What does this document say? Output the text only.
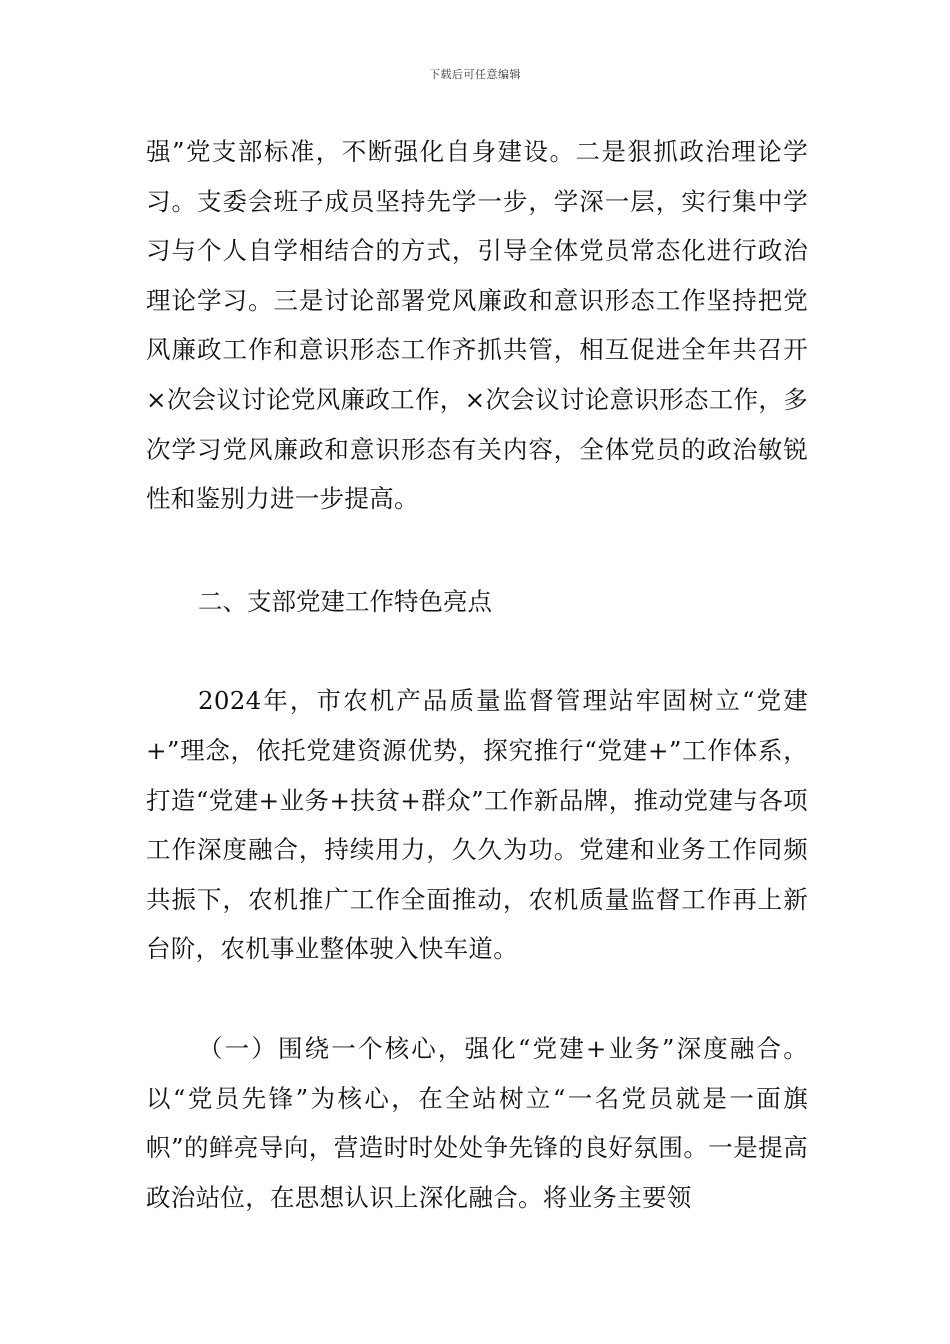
下载后可任意编辑

强”党支部标准，不断强化自身建设。二是狠抓政治理论学习。支委会班子成员坚持先学一步，学深一层，实行集中学习与个人自学相结合的方式，引导全体党员常态化进行政治理论学习。三是讨论部署党风廉政和意识形态工作坚持把党风廉政工作和意识形态工作齐抓共管，相互促进全年共召开×次会议讨论党风廉政工作，×次会议讨论意识形态工作，多次学习党风廉政和意识形态有关内容，全体党员的政治敏锐性和鉴别力进一步提高。

二、支部党建工作特色亮点

2024年，市农机产品质量监督管理站牢固树立“党建+”理念，依托党建资源优势，探究推行“党建+”工作体系，打造“党建+业务+扶贫+群众”工作新品牌，推动党建与各项工作深度融合，持续用力，久久为功。党建和业务工作同频共振下，农机推广工作全面推动，农机质量监督工作再上新台阶，农机事业整体驶入快车道。

（一）围绕一个核心，强化“党建+业务”深度融合。以“党员先锋”为核心，在全站树立“一名党员就是一面旗帜”的鲜亮导向，营造时时处处争先锋的良好氛围。一是提高政治站位，在思想认识上深化融合。将业务主要领
